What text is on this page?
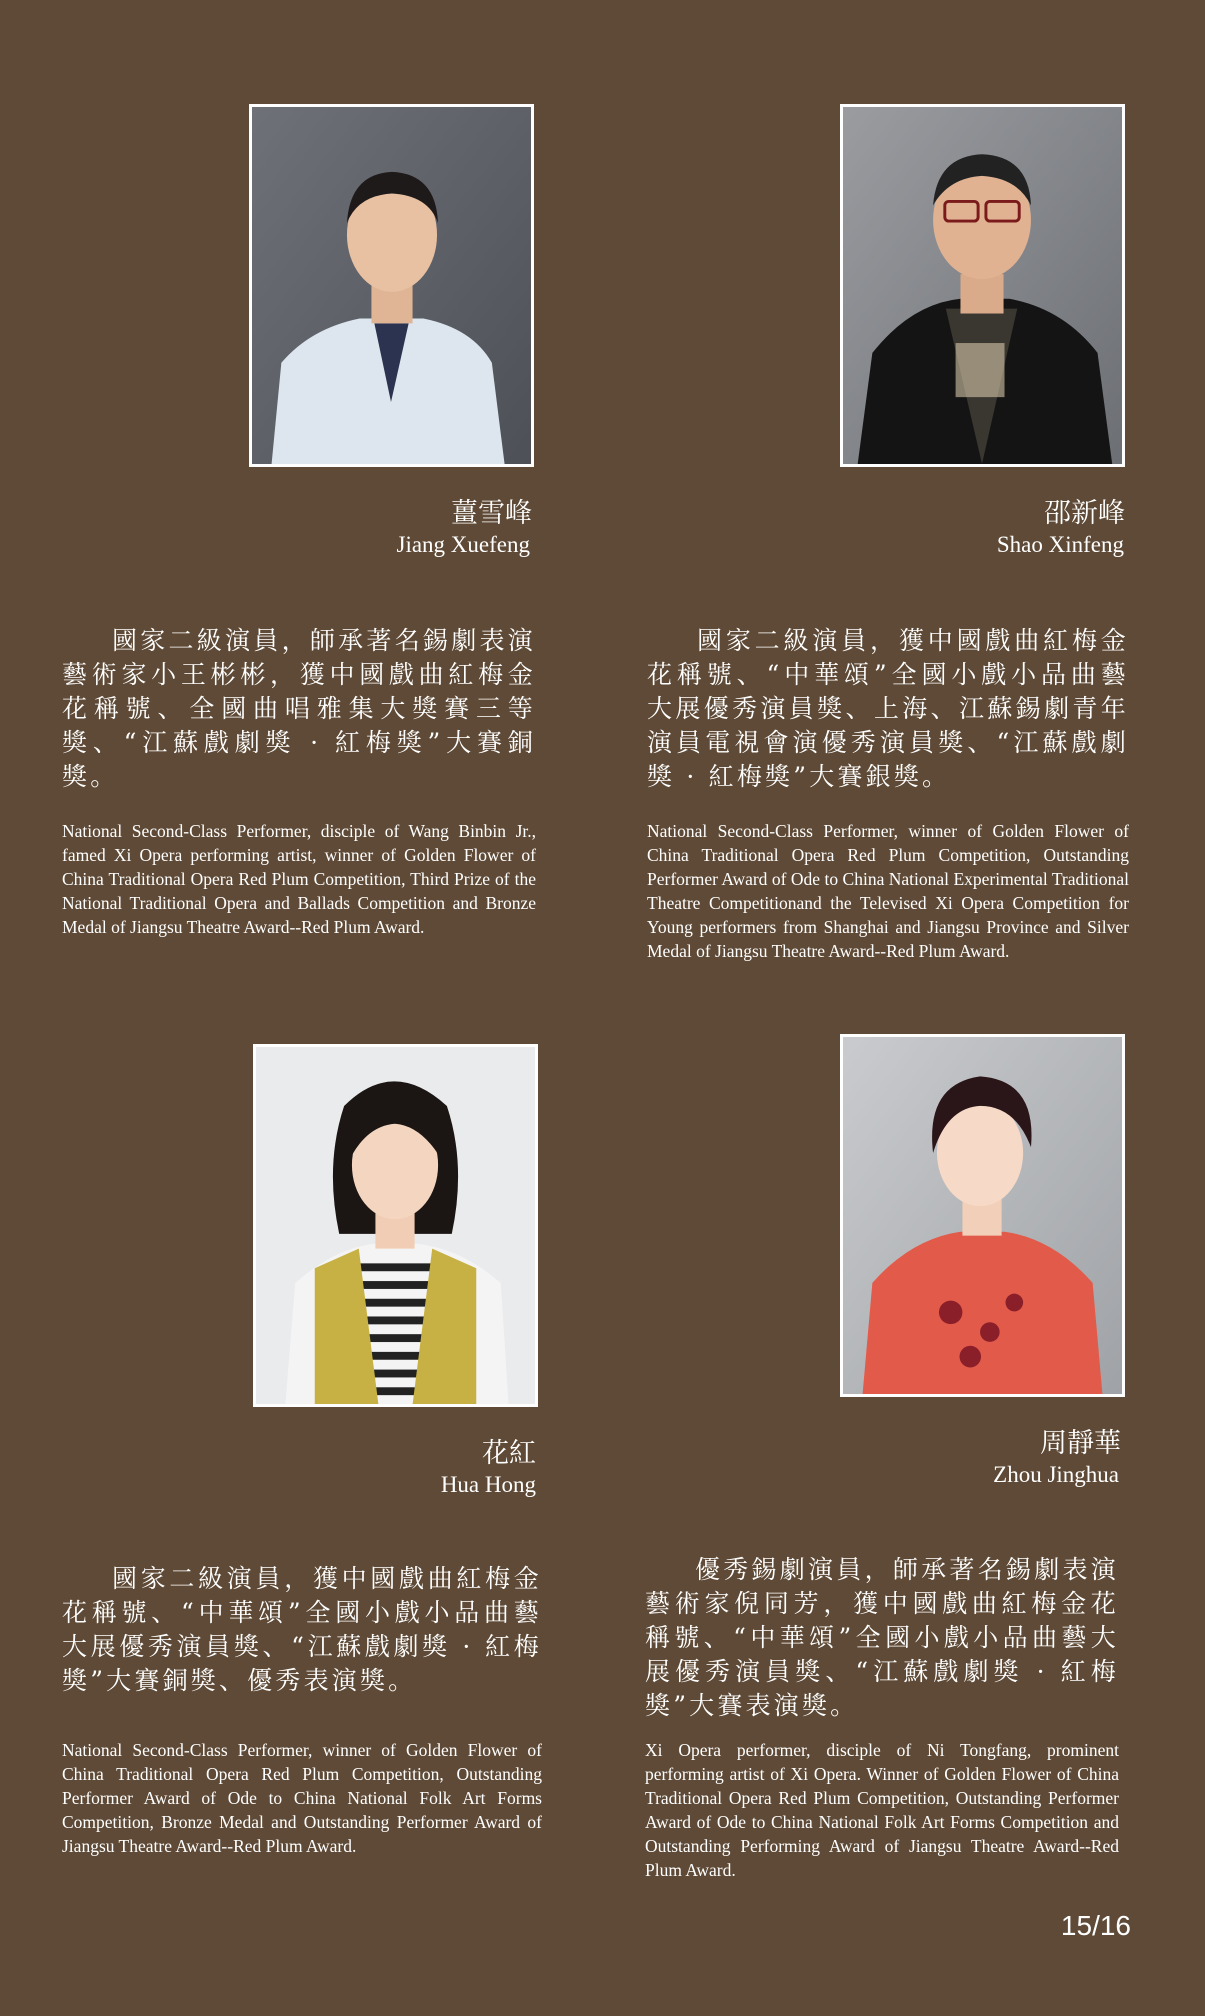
薑雪峰
Jiang Xuefeng
國家二級演員，師承著名錫劇表演藝術家小王彬彬，獲中國戲曲紅梅金花稱號、全國曲唱雅集大獎賽三等獎、“江蘇戲劇獎 · 紅梅獎”大賽銅獎。
National Second-Class Performer, disciple of Wang Binbin Jr., famed Xi Opera performing artist, winner of Golden Flower of China Traditional Opera Red Plum Competition, Third Prize of the National Traditional Opera and Ballads Competition and Bronze Medal of Jiangsu Theatre Award--Red Plum Award.
邵新峰
Shao Xinfeng
國家二級演員，獲中國戲曲紅梅金花稱號、“中華頌”全國小戲小品曲藝大展優秀演員獎、上海、江蘇錫劇青年演員電視會演優秀演員獎、“江蘇戲劇獎 · 紅梅獎”大賽銀獎。
National Second-Class Performer, winner of Golden Flower of China Traditional Opera Red Plum Competition, Outstanding Performer Award of Ode to China National Experimental Traditional Theatre Competitionand the Televised Xi Opera Competition for Young performers from Shanghai and Jiangsu Province and Silver Medal of Jiangsu Theatre Award--Red Plum Award.
花紅
Hua Hong
國家二級演員，獲中國戲曲紅梅金花稱號、“中華頌”全國小戲小品曲藝大展優秀演員獎、“江蘇戲劇獎 · 紅梅獎”大賽銅獎、優秀表演獎。
National Second-Class Performer, winner of Golden Flower of China Traditional Opera Red Plum Competition, Outstanding Performer Award of Ode to China National Folk Art Forms Competition, Bronze Medal and Outstanding Performer Award of Jiangsu Theatre Award--Red Plum Award.
周靜華
Zhou Jinghua
優秀錫劇演員，師承著名錫劇表演藝術家倪同芳，獲中國戲曲紅梅金花稱號、“中華頌”全國小戲小品曲藝大展優秀演員獎、“江蘇戲劇獎 · 紅梅獎”大賽表演獎。
Xi Opera performer, disciple of Ni Tongfang, prominent performing artist of Xi Opera. Winner of Golden Flower of China Traditional Opera Red Plum Competition, Outstanding Performer Award of Ode to China National Folk Art Forms Competition and Outstanding Performing Award of Jiangsu Theatre Award--Red Plum Award.
15/16
